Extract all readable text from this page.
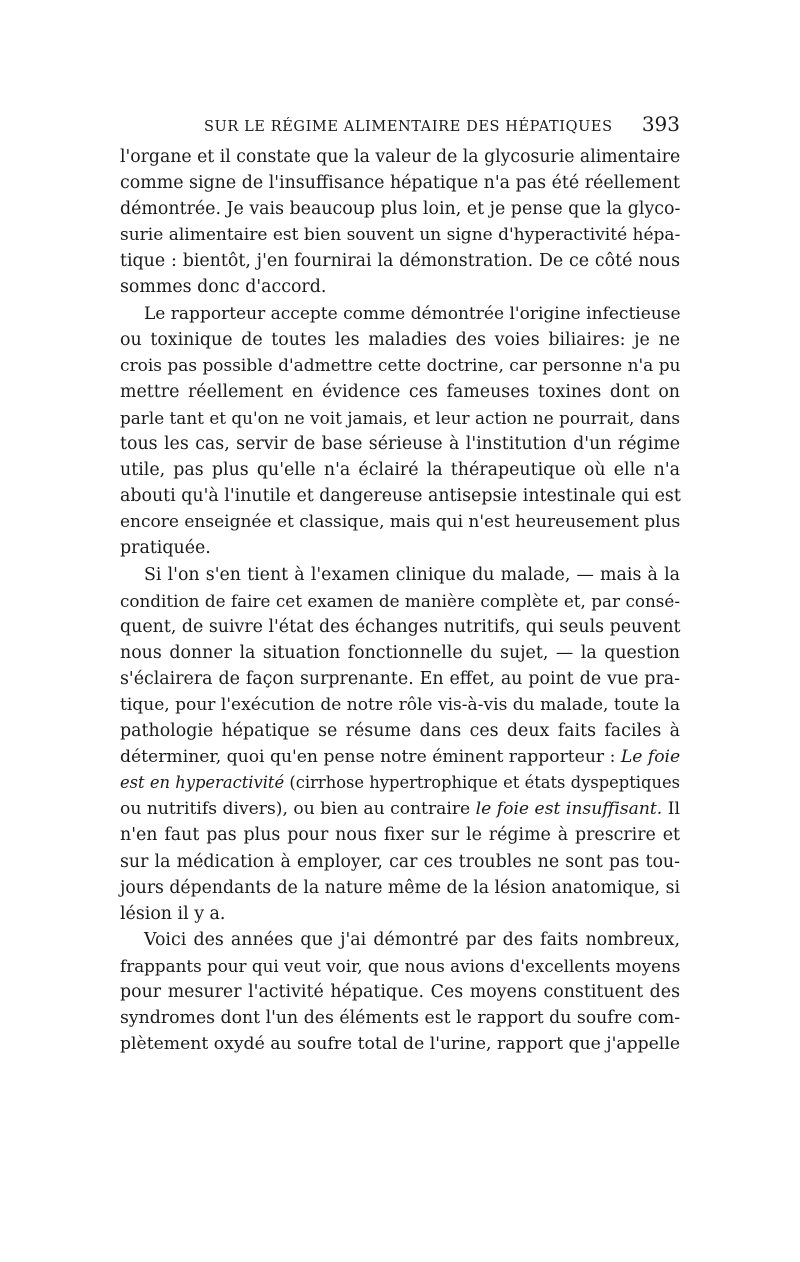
SUR LE RÉGIME ALIMENTAIRE DES HÉPATIQUES 393

l'organe et il constate que la valeur de la glycosurie alimentaire
comme signe de l'insuffisance hépatique n'a pas été réellement
démontrée. Je vais beaucoup plus loin, et je pense que la glyco-
surie alimentaire est bien souvent un signe d'hyperactivité hépa-
tique : bientôt, j'en fournirai la démonstration. De ce côté nous
sommes donc d'accord.

Le rapporteur accepte comme démontrée l'origine infectieuse
ou toxinique de toutes les maladies des voies biliaires: je ne
crois pas possible d'admettre cette doctrine, car personne n'a pu
mettre réellement en évidence ces fameuses toxines dont on
parle tant et qu'on ne voit jamais, et leur action ne pourrait, dans
tous les cas, servir de base sérieuse à l'institution d'un régime
utile, pas plus qu'elle n'a éclairé la thérapeutique où elle n'a
abouti qu'à l'inutile et dangereuse antisepsie intestinale qui est
encore enseignée et classique, mais qui n'est heureusement plus
pratiquée.

Si l'on s'en tient à l'examen clinique du malade, — mais à la
condition de faire cet examen de manière complète et, par consé-
quent, de suivre l'état des échanges nutritifs, qui seuls peuvent
nous donner la situation fonctionnelle du sujet, — la question
s'éclairera de façon surprenante. En effet, au point de vue pra-
tique, pour l'exécution de notre rôle vis-à-vis du malade, toute la
pathologie hépatique se résume dans ces deux faits faciles à
déterminer, quoi qu'en pense notre éminent rapporteur : Le foie
est en hyperactivité (cirrhose hypertrophique et états dyspeptiques
ou nutritifs divers), ou bien au contraire le foie est insuffisant. Il
n'en faut pas plus pour nous fixer sur le régime à prescrire et
sur la médication à employer, car ces troubles ne sont pas tou-
jours dépendants de la nature même de la lésion anatomique, si
lésion il y a.

Voici des années que j'ai démontré par des faits nombreux,
frappants pour qui veut voir, que nous avions d'excellents moyens
pour mesurer l'activité hépatique. Ces moyens constituent des
syndromes dont l'un des éléments est le rapport du soufre com-
plètement oxydé au soufre total de l'urine, rapport que j'appelle
